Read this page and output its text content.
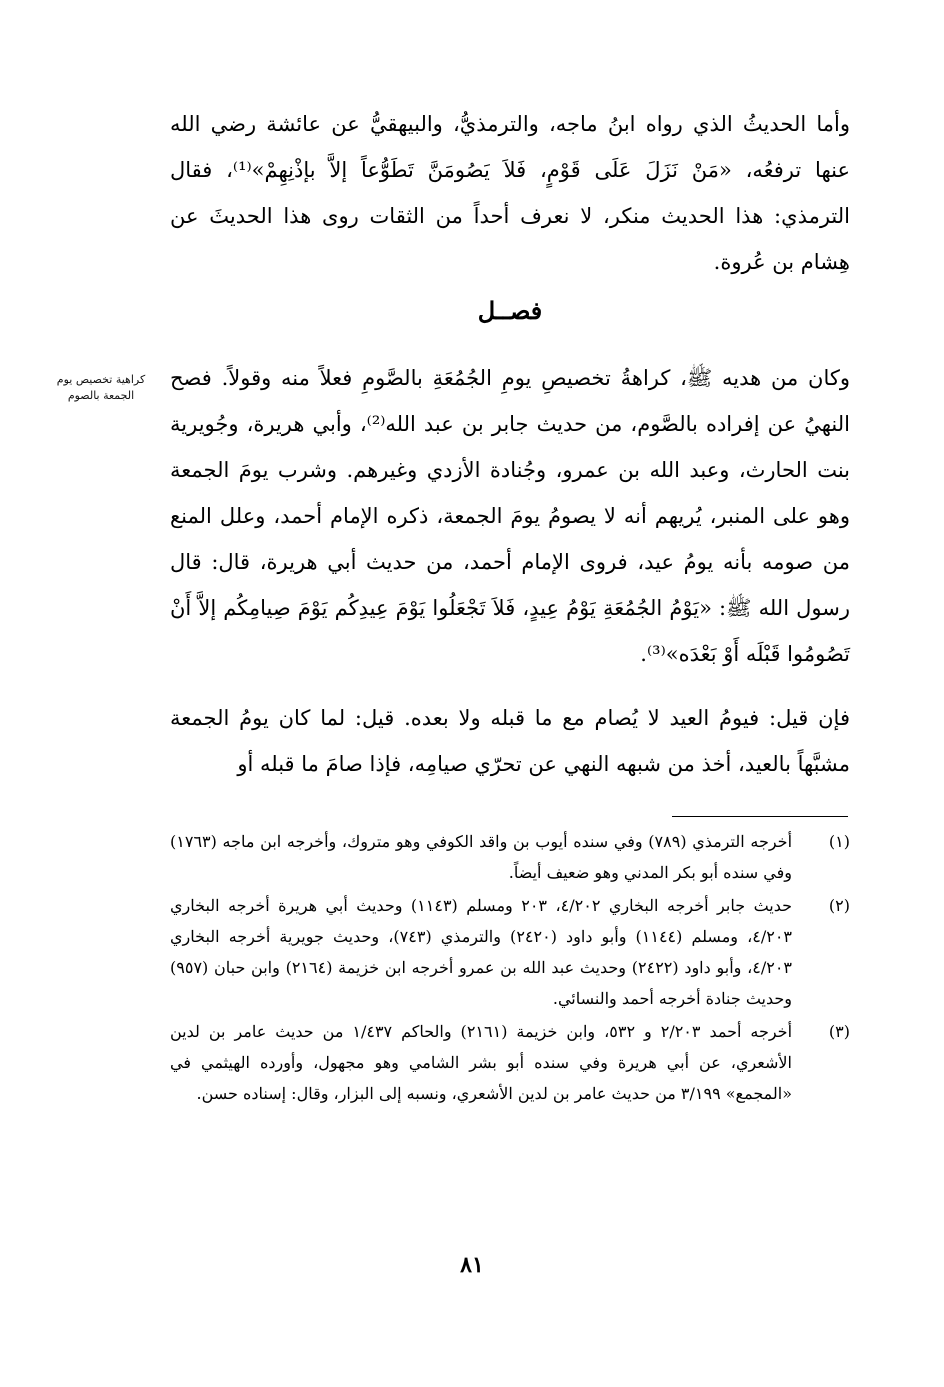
وأما الحديثُ الذي رواه ابنُ ماجه، والترمذيُّ، والبيهقيُّ عن عائشة رضي الله عنها ترفعُه، «مَنْ نَزَلَ عَلَى قَوْمٍ، فَلاَ يَصُومَنَّ تَطَوُّعاً إلاَّ بإذْنِهِمْ»⁽¹⁾، فقال الترمذي: هذا الحديث منكر، لا نعرف أحداً من الثقات روى هذا الحديثَ عن هِشام بن عُروة.
فصــل
كراهية تخصيص يوم الجمعة بالصوم
وكان من هديه ﷺ، كراهةُ تخصيصِ يومِ الجُمُعَةِ بالصَّومِ فعلاً منه وقولاً. فصح النهيُ عن إفراده بالصَّوم، من حديث جابر بن عبد الله⁽²⁾، وأبي هريرة، وجُويرية بنت الحارث، وعبد الله بن عمرو، وجُنادة الأزدي وغيرهم. وشرب يومَ الجمعة وهو على المنبر، يُريهم أنه لا يصومُ يومَ الجمعة، ذكره الإمام أحمد، وعلل المنع من صومه بأنه يومُ عيد، فروى الإمام أحمد، من حديث أبي هريرة، قال: قال رسول الله ﷺ: «يَوْمُ الجُمُعَةِ يَوْمُ عِيدٍ، فَلاَ تَجْعَلُوا يَوْمَ عِيدِكُم يَوْمَ صِيامِكُم إلاَّ أَنْ تَصُومُوا قَبْلَه أَوْ بَعْدَه»⁽³⁾.
فإن قيل: فيومُ العيد لا يُصام مع ما قبله ولا بعده. قيل: لما كان يومُ الجمعة مشبَّهاً بالعيد، أخذ من شبهه النهي عن تحرّي صيامِه، فإذا صامَ ما قبله أو
(١)
أخرجه الترمذي (٧٨٩) وفي سنده أيوب بن واقد الكوفي وهو متروك، وأخرجه ابن ماجه (١٧٦٣) وفي سنده أبو بكر المدني وهو ضعيف أيضاً.
(٢)
حديث جابر أخرجه البخاري ٤/٢٠٢، ٢٠٣ ومسلم (١١٤٣) وحديث أبي هريرة أخرجه البخاري ٤/٢٠٣، ومسلم (١١٤٤) وأبو داود (٢٤٢٠) والترمذي (٧٤٣)، وحديث جويرية أخرجه البخاري ٤/٢٠٣، وأبو داود (٢٤٢٢) وحديث عبد الله بن عمرو أخرجه ابن خزيمة (٢١٦٤) وابن حبان (٩٥٧) وحديث جنادة أخرجه أحمد والنسائي.
(٣)
أخرجه أحمد ٢/٢٠٣ و ٥٣٢، وابن خزيمة (٢١٦١) والحاكم ١/٤٣٧ من حديث عامر بن لدين الأشعري، عن أبي هريرة وفي سنده أبو بشر الشامي وهو مجهول، وأورده الهيثمي في «المجمع» ٣/١٩٩ من حديث عامر بن لدين الأشعري، ونسبه إلى البزار، وقال: إسناده حسن.
٨١
